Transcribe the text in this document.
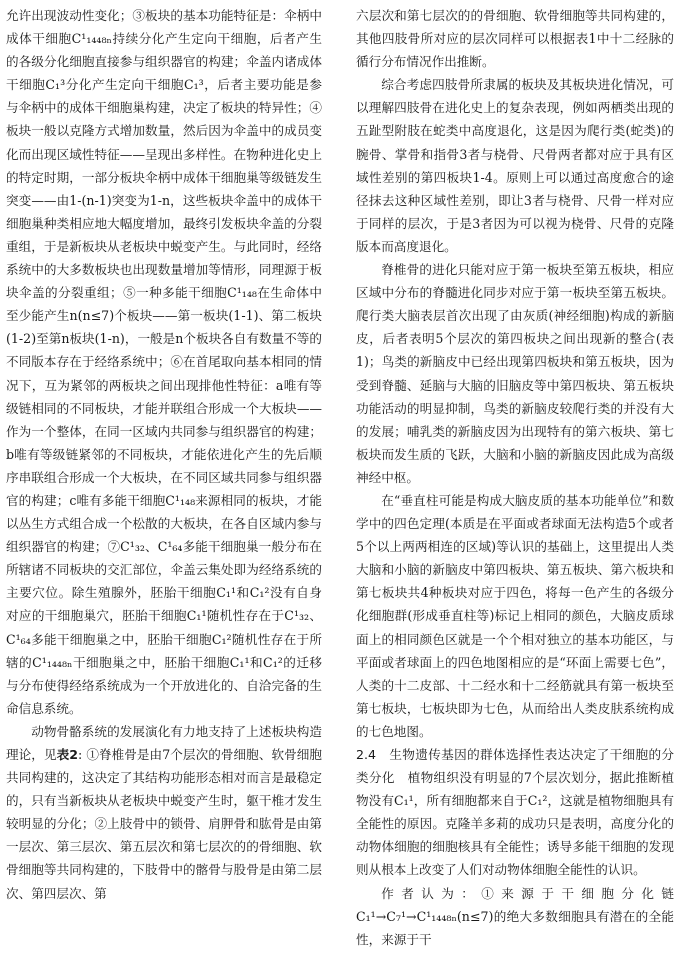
允许出现波动性变化；③板块的基本功能特征是：伞柄中成体干细胞C¹₁₄₄₈ₙ持续分化产生定向干细胞，后者产生的各级分化细胞直接参与组织器官的构建；伞盖内诸成体干细胞C₁³分化产生定向干细胞C₁³，后者主要功能是参与伞柄中的成体干细胞巢构建，决定了板块的特异性；④板块一般以克隆方式增加数量，然后因为伞盖中的成员变化而出现区域性特征——呈现出多样性。在物种进化史上的特定时期，一部分板块伞柄中成体干细胞巢等级链发生突变——由1-(n-1)突变为1-n，这些板块伞盖中的成体干细胞巢种类相应地大幅度增加，最终引发板块伞盖的分裂重组，于是新板块从老板块中蜕变产生。与此同时，经络系统中的大多数板块也出现数量增加等情形，同理源于板块伞盖的分裂重组；⑤一种多能干细胞C¹₁₄₈在生命体中至少能产生n(n≤7)个板块——第一板块(1-1)、第二板块(1-2)至第n板块(1-n)，一般是n个板块各自有数量不等的不同版本存在于经络系统中；⑥在首尾取向基本相同的情况下，互为紧邻的两板块之间出现排他性特征：a唯有等级链相同的不同板块，才能并联组合形成一个大板块——作为一个整体，在同一区域内共同参与组织器官的构建；b唯有等级链紧邻的不同板块，才能依进化产生的先后顺序串联组合形成一个大板块，在不同区域共同参与组织器官的构建；c唯有多能干细胞C¹₁₄₈来源相同的板块，才能以丛生方式组合成一个松散的大板块，在各自区域内参与组织器官的构建；⑦C¹₃₂、C¹₆₄多能干细胞巢一般分布在所辖诸不同板块的交汇部位，伞盖云集处即为经络系统的主要穴位。除生殖腺外，胚胎干细胞C₁¹和C₁²没有自身对应的干细胞巢穴，胚胎干细胞C₁¹随机性存在于C¹₃₂、C¹₆₄多能干细胞巢之中，胚胎干细胞C₁²随机性存在于所辖的C¹₁₄₄₈ₙ干细胞巢之中，胚胎干细胞C₁¹和C₁²的迁移与分布使得经络系统成为一个开放进化的、自洽完备的生命信息系统。

动物骨骼系统的发展演化有力地支持了上述板块构造理论，见表2: ①脊椎骨是由7个层次的骨细胞、软骨细胞共同构建的，这决定了其结构功能形态相对而言是最稳定的，只有当新板块从老板块中蜕变产生时，躯干椎才发生较明显的分化；②上肢骨中的锁骨、肩胛骨和肱骨是由第一层次、第三层次、第五层次和第七层次的的骨细胞、软骨细胞等共同构建的，下肢骨中的髂骨与股骨是由第二层次、第四层次、第

六层次和第七层次的的骨细胞、软骨细胞等共同构建的，其他四肢骨所对应的层次同样可以根据表1中十二经脉的循行分布情况作出推断。

综合考虑四肢骨所隶属的板块及其板块进化情况，可以理解四肢骨在进化史上的复杂表现，例如两栖类出现的五趾型附肢在蛇类中高度退化，这是因为爬行类(蛇类)的腕骨、掌骨和指骨3者与桡骨、尺骨两者都对应于具有区域性差别的第四板块1-4。原则上可以通过高度愈合的途径抹去这种区域性差别，即让3者与桡骨、尺骨一样对应于同样的层次，于是3者因为可以视为桡骨、尺骨的克隆版本而高度退化。

脊椎骨的进化只能对应于第一板块至第五板块，相应区域中分布的脊髓进化同步对应于第一板块至第五板块。爬行类大脑表层首次出现了由灰质(神经细胞)构成的新脑皮，后者表明5个层次的第四板块之间出现新的整合(表1)；鸟类的新脑皮中已经出现第四板块和第五板块，因为受到脊髓、延脑与大脑的旧脑皮等中第四板块、第五板块功能活动的明显抑制，鸟类的新脑皮较爬行类的并没有大的发展；哺乳类的新脑皮因为出现特有的第六板块、第七板块而发生质的飞跃，大脑和小脑的新脑皮因此成为高级神经中枢。

在“垂直柱可能是构成大脑皮质的基本功能单位”和数学中的四色定理(本质是在平面或者球面无法构造5个或者5个以上两两相连的区域)等认识的基础上，这里提出人类大脑和小脑的新脑皮中第四板块、第五板块、第六板块和第七板块共4种板块对应于四色，将每一色产生的各级分化细胞群(形成垂直柱等)标记上相同的颜色，大脑皮质球面上的相同颜色区就是一个个相对独立的基本功能区，与平面或者球面上的四色地图相应的是“环面上需要七色”，人类的十二皮部、十二经水和十二经筋就具有第一板块至第七板块，七板块即为七色，从而给出人类皮肤系统构成的七色地图。

2.4　生物遗传基因的群体选择性表达决定了干细胞的分类分化　 植物组织没有明显的7个层次划分，据此推断植物没有C₁¹，所有细胞都来自于C₁²，这就是植物细胞具有全能性的原因。克隆羊多莉的成功只是表明，高度分化的动物体细胞的细胞核具有全能性；诱导多能干细胞的发现则从根本上改变了人们对动物体细胞全能性的认识。

作者认为：①来源于干细胞分化链C₁¹→C₇¹→C¹₁₄₄₈ₙ(n≤7)的绝大多数细胞具有潜在的全能性，来源于干
